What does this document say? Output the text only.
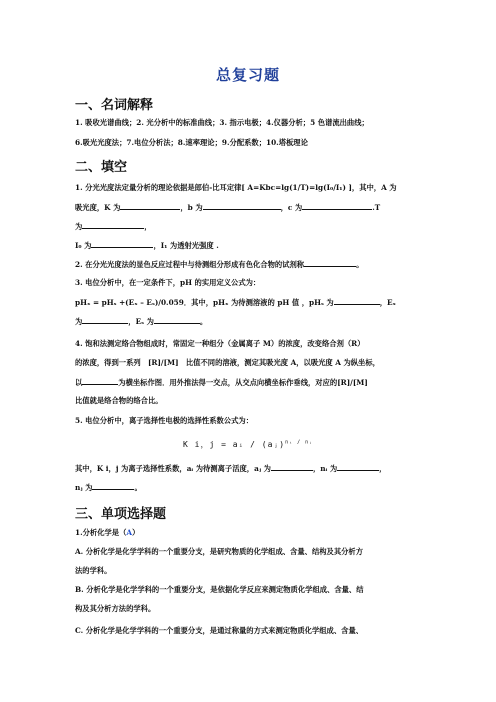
总复习题
一、名词解释
1. 吸收光谱曲线；2. 光分析中的标准曲线；3. 指示电极；4.仪器分析；5 色谱流出曲线；
6.吸光光度法；7.电位分析法；8.速率理论；9.分配系数；10.塔板理论
二、填空
1. 分光光度法定量分析的理论依据是郎伯-比耳定律[ A=Kbc=lg(1/T)=lg(I₀/I₁) ]，其中，A 为
吸光度，K 为	，b 为	，c 为	.T
为	，
I₀ 为	，I₁ 为透射光强度 .
2. 在分光光度法的显色反应过程中与待测组分形成有色化合物的试剂称	。
3. 电位分析中，在一定条件下，pH 的实用定义公式为：
pHₓ = pHₛ +(Eₓ – Eₛ)/0.059．其中，pHₓ 为待测溶液的 pH 值 ，pHₛ 为	，Eₓ
为	，Eₛ 为	。
4. 饱和法测定络合物组成时，常固定一种组分（金属离子 M）的浓度，改变络合剂（R）
的浓度，得到一系列　[R]/[M]　比值不同的溶液，测定其吸光度 A，以吸光度 A 为纵坐标，
以	为横坐标作图．用外推法得一交点，从交点向横坐标作垂线，对应的[R]/[M]
比值就是络合物的络合比。
5. 电位分析中，离子选择性电极的选择性系数公式为：
K i，j = aᵢ / (aⱼ)$^{nᵢ / nⱼ}$
其中，K i，j 为离子选择性系数，aᵢ 为待测离子活度，aⱼ 为	，nᵢ 为	，
nⱼ 为	。
三、单项选择题
1.分析化学是（A）
A. 分析化学是化学学科的一个重要分支，是研究物质的化学组成、含量、结构及其分析方
法的学科。
B. 分析化学是化学学科的一个重要分支，是依据化学反应来测定物质化学组成、含量、结
构及其分析方法的学科。
C. 分析化学是化学学科的一个重要分支，是通过称量的方式来测定物质化学组成、含量、
